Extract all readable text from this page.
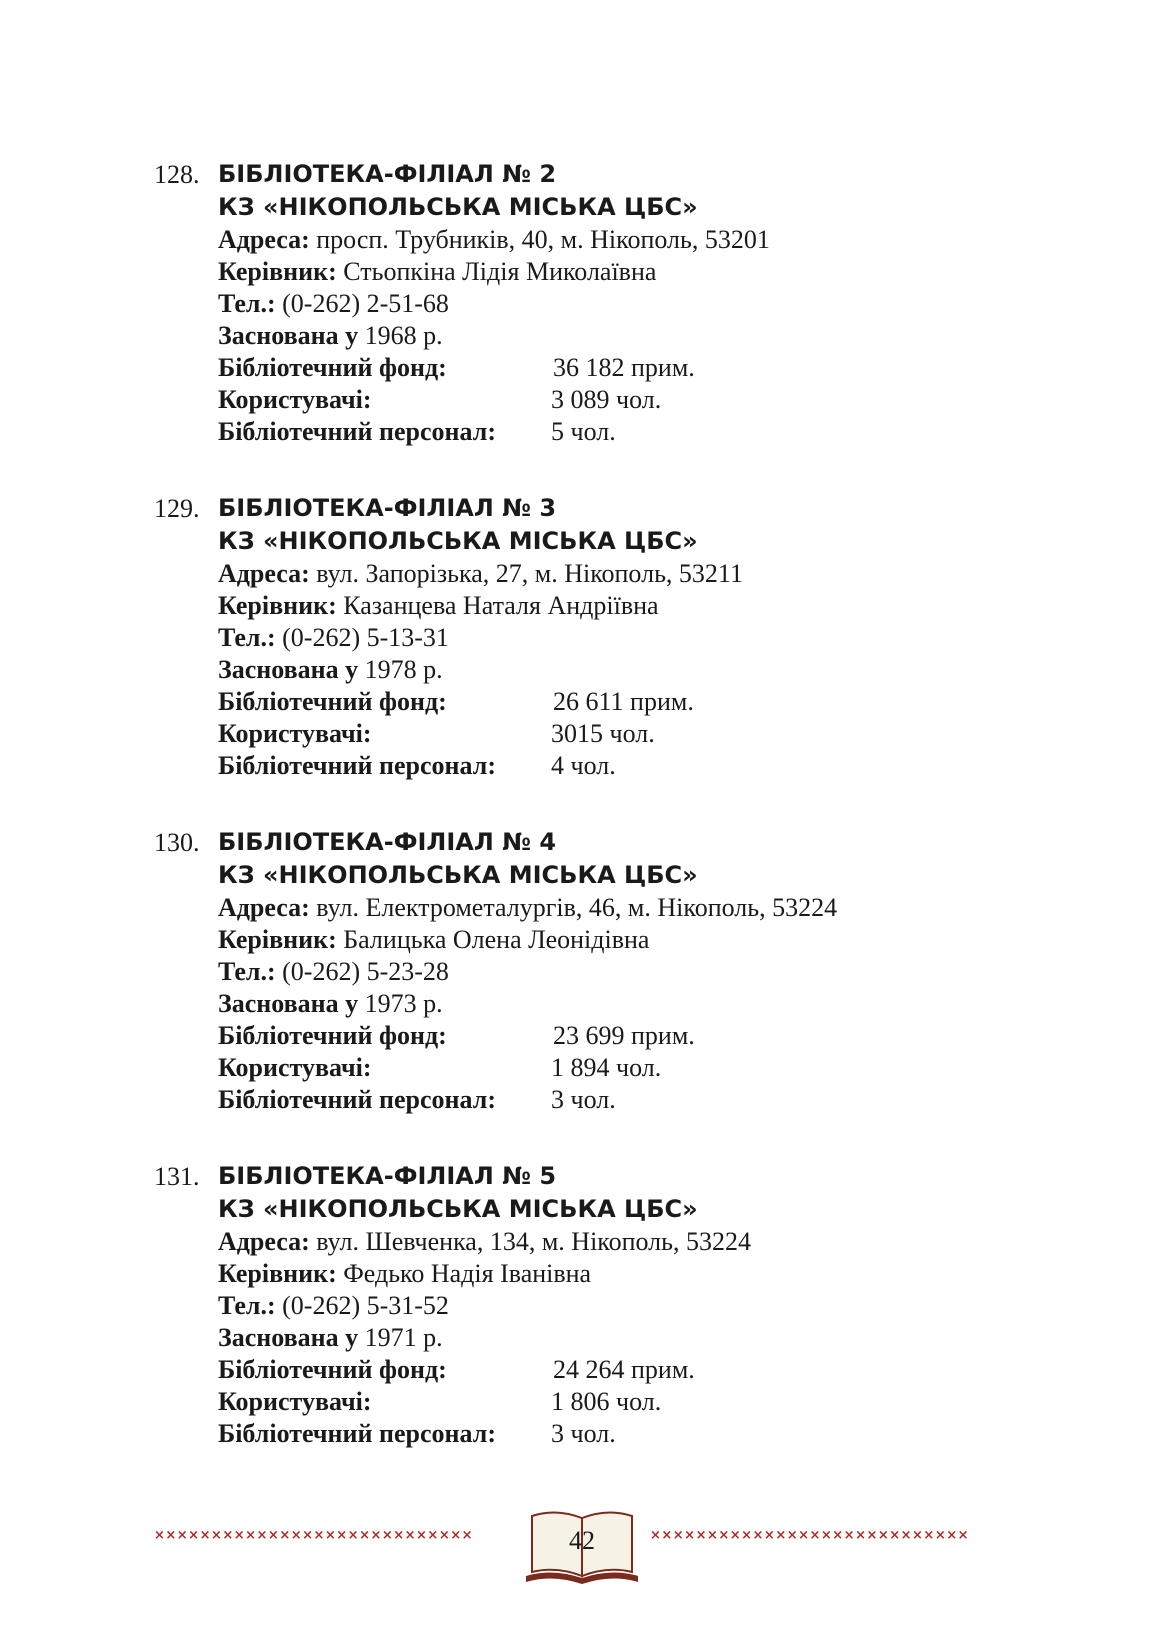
128. БІБЛІОТЕКА-ФІЛІАЛ № 2
КЗ «НІКОПОЛЬСЬКА МІСЬКА ЦБС»
Адреса: просп. Трубників, 40, м. Нікополь, 53201
Керівник: Стьопкіна Лідія Миколаївна
Тел.: (0-262) 2-51-68
Заснована у 1968 р.
Бібліотечний фонд:	36 182 прим.
Користувачі:	3 089 чол.
Бібліотечний персонал: 5 чол.
129. БІБЛІОТЕКА-ФІЛІАЛ № 3
КЗ «НІКОПОЛЬСЬКА МІСЬКА ЦБС»
Адреса: вул. Запорізька, 27, м. Нікополь, 53211
Керівник: Казанцева Наталя Андріївна
Тел.: (0-262) 5-13-31
Заснована у 1978 р.
Бібліотечний фонд:	26 611 прим.
Користувачі:	3015 чол.
Бібліотечний персонал: 4 чол.
130. БІБЛІОТЕКА-ФІЛІАЛ № 4
КЗ «НІКОПОЛЬСЬКА МІСЬКА ЦБС»
Адреса: вул. Електрометалургів, 46, м. Нікополь, 53224
Керівник: Балицька Олена Леонідівна
Тел.: (0-262) 5-23-28
Заснована у 1973 р.
Бібліотечний фонд:	23 699 прим.
Користувачі:	1 894 чол.
Бібліотечний персонал: 3 чол.
131. БІБЛІОТЕКА-ФІЛІАЛ № 5
КЗ «НІКОПОЛЬСЬКА МІСЬКА ЦБС»
Адреса: вул. Шевченка, 134, м. Нікополь, 53224
Керівник: Федько Надія Іванівна
Тел.: (0-262) 5-31-52
Заснована у 1971 р.
Бібліотечний фонд:	24 264 прим.
Користувачі:	1 806 чол.
Бібліотечний персонал: 3 чол.
××××××××××××××××××××××××××××	42	××××××××××××××××××××××××××××
